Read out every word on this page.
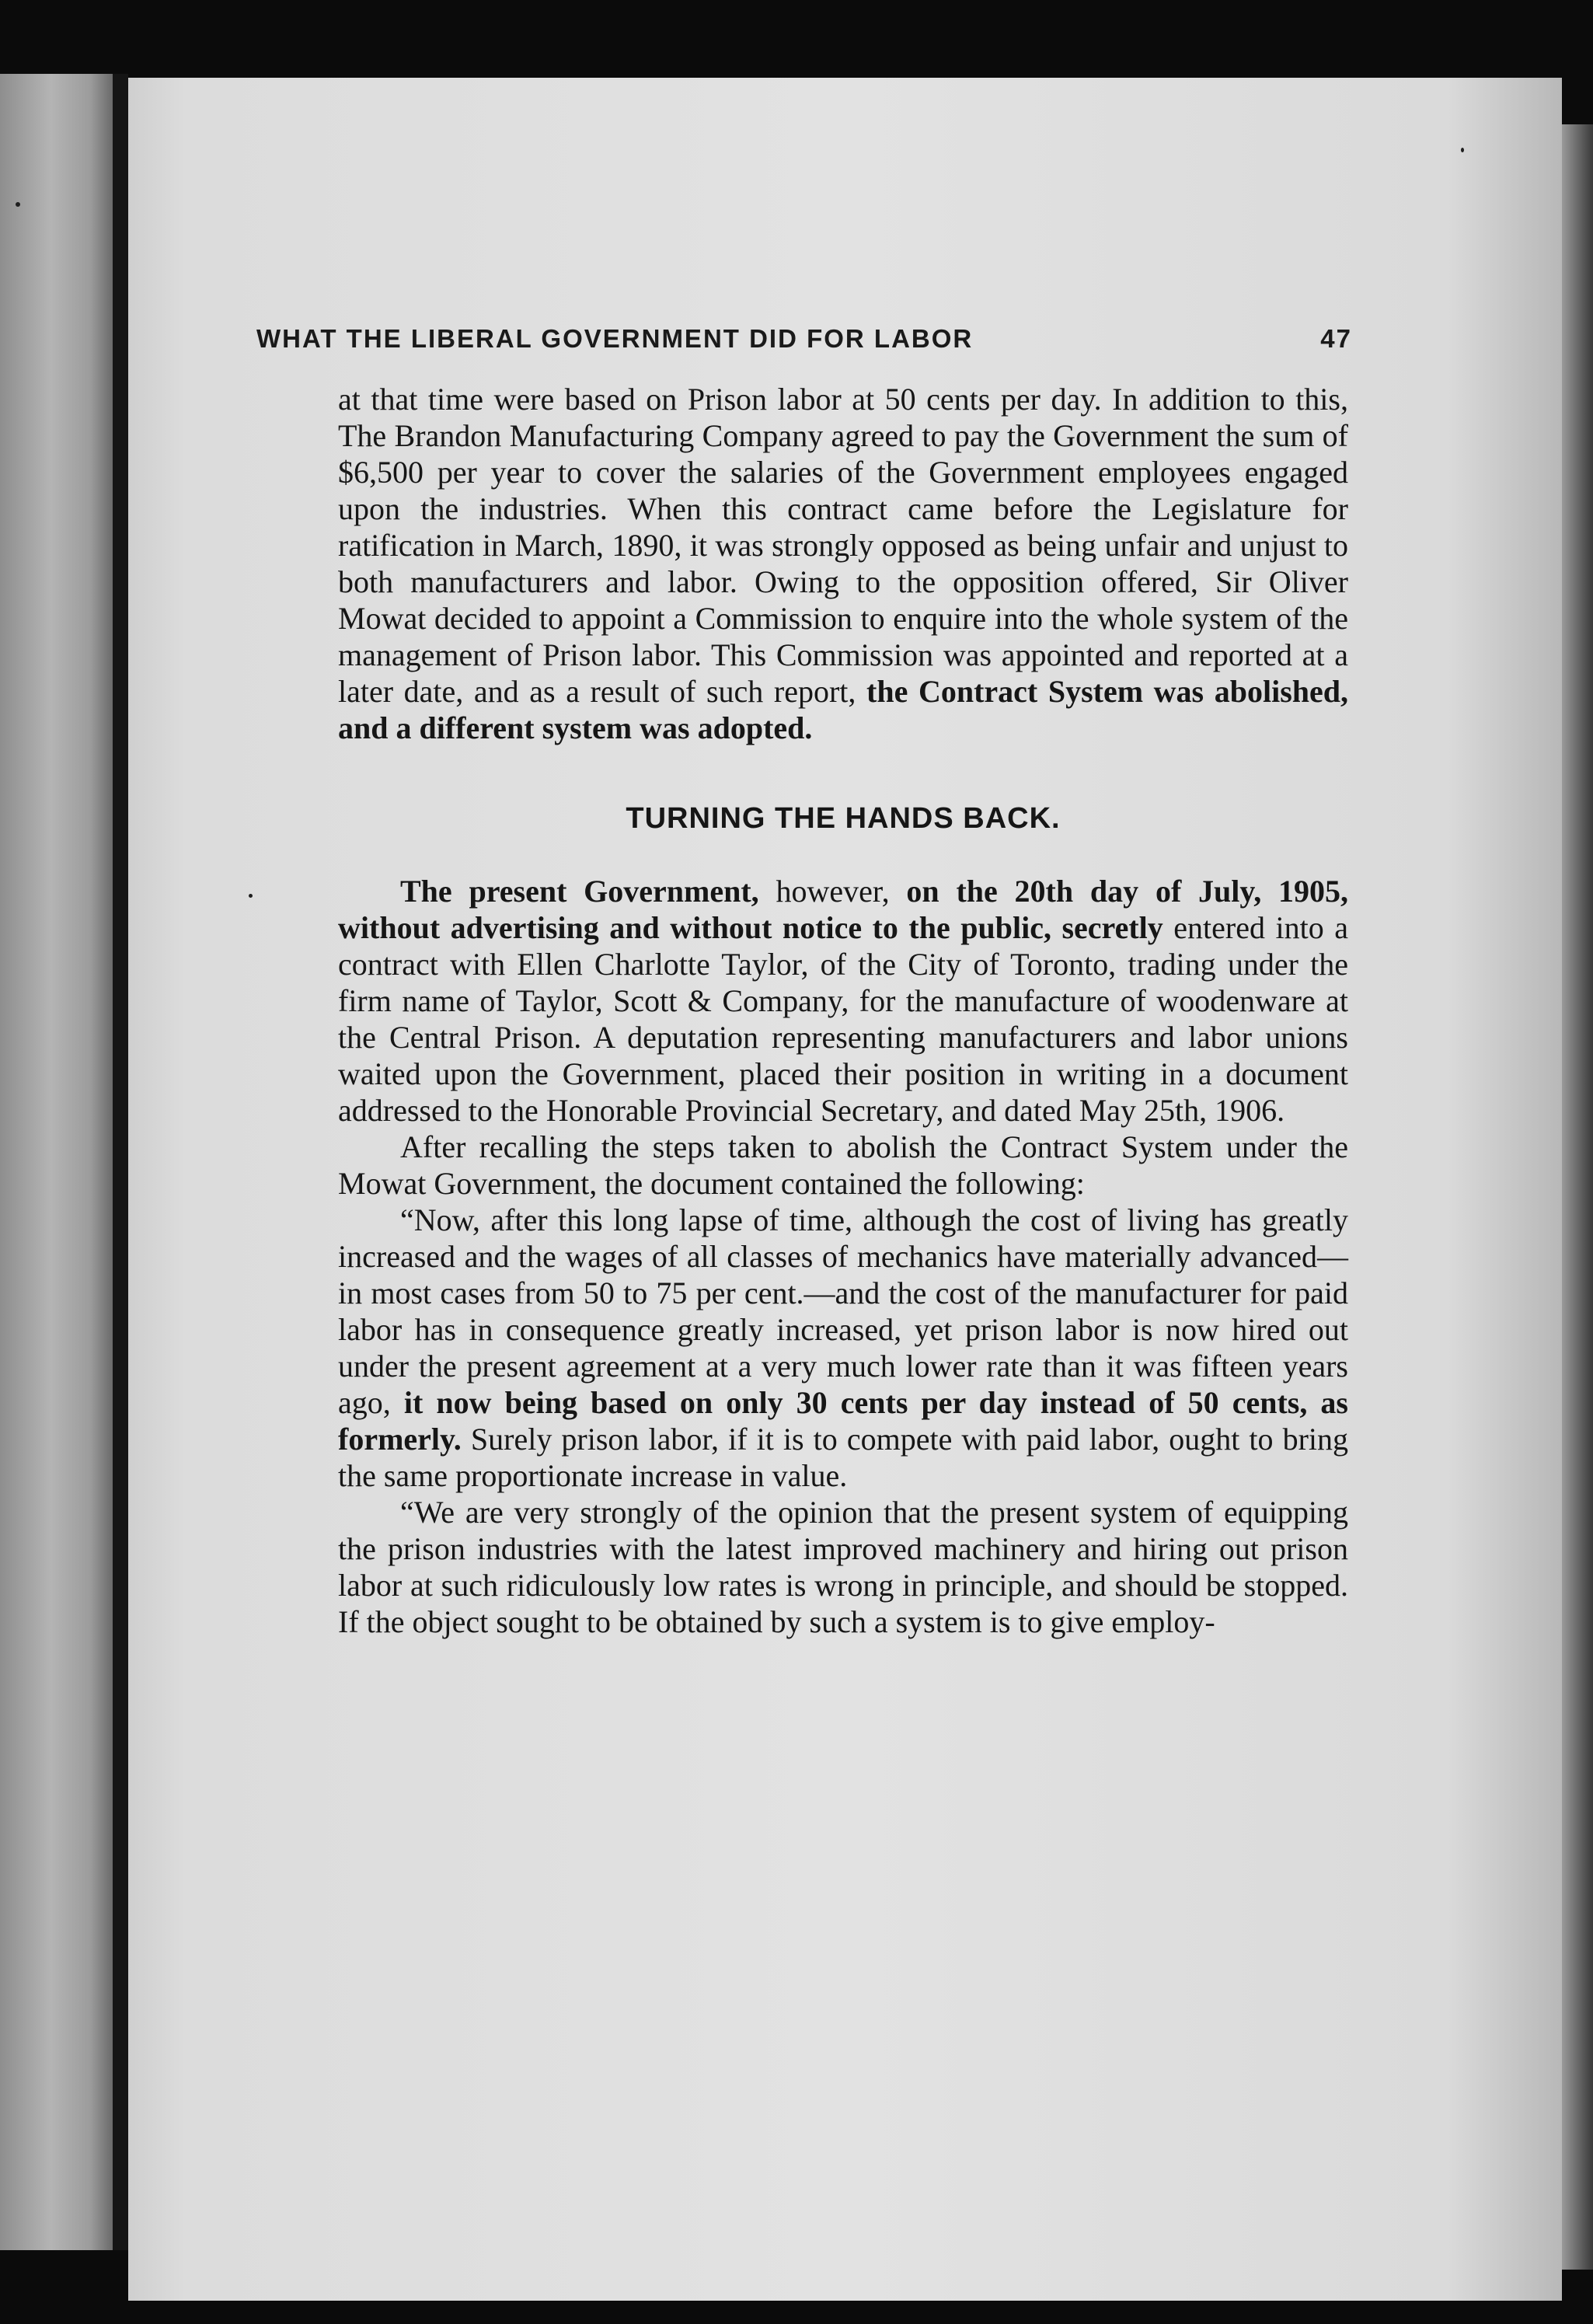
WHAT THE LIBERAL GOVERNMENT DID FOR LABOR	47

at that time were based on Prison labor at 50 cents per day. In addition to this, The Brandon Manufacturing Company agreed to pay the Government the sum of $6,500 per year to cover the salaries of the Government employees engaged upon the industries. When this contract came before the Legislature for ratification in March, 1890, it was strongly opposed as being unfair and unjust to both manufacturers and labor. Owing to the opposition offered, Sir Oliver Mowat decided to appoint a Commission to enquire into the whole system of the management of Prison labor. This Commission was appointed and reported at a later date, and as a result of such report, the Contract System was abolished, and a different system was adopted.

TURNING THE HANDS BACK.

The present Government, however, on the 20th day of July, 1905, without advertising and without notice to the public, secretly entered into a contract with Ellen Charlotte Taylor, of the City of Toronto, trading under the firm name of Taylor, Scott & Company, for the manufacture of woodenware at the Central Prison. A deputation representing manufacturers and labor unions waited upon the Government, placed their position in writing in a document addressed to the Honorable Provincial Secretary, and dated May 25th, 1906.

After recalling the steps taken to abolish the Contract System under the Mowat Government, the document contained the following:

“Now, after this long lapse of time, although the cost of living has greatly increased and the wages of all classes of mechanics have materially advanced—in most cases from 50 to 75 per cent.—and the cost of the manufacturer for paid labor has in consequence greatly increased, yet prison labor is now hired out under the present agreement at a very much lower rate than it was fifteen years ago, it now being based on only 30 cents per day instead of 50 cents, as formerly. Surely prison labor, if it is to compete with paid labor, ought to bring the same proportionate increase in value.

“We are very strongly of the opinion that the present system of equipping the prison industries with the latest improved machinery and hiring out prison labor at such ridiculously low rates is wrong in principle, and should be stopped. If the object sought to be obtained by such a system is to give employ-
